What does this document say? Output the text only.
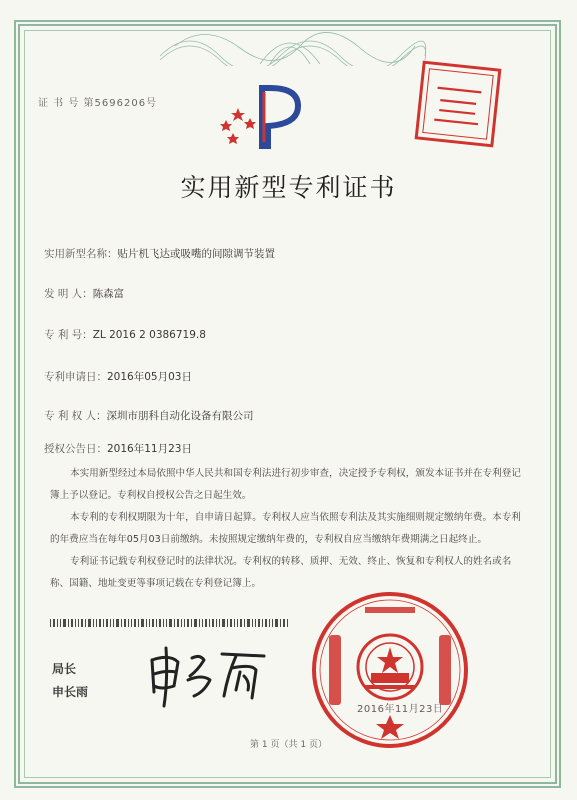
证 书 号 第5696206号
实用新型专利证书
实用新型名称：贴片机飞达或吸嘴的间隙调节装置
发 明 人：陈森富
专 利 号：ZL 2016 2 0386719.8
专利申请日：2016年05月03日
专 利 权 人：深圳市朋科自动化设备有限公司
授权公告日：2016年11月23日
本实用新型经过本局依照中华人民共和国专利法进行初步审查，决定授予专利权，颁发本证书并在专利登记簿上予以登记。专利权自授权公告之日起生效。
本专利的专利权期限为十年，自申请日起算。专利权人应当依照专利法及其实施细则规定缴纳年费。本专利的年费应当在每年05月03日前缴纳。未按照规定缴纳年费的，专利权自应当缴纳年费期满之日起终止。
专利证书记载专利权登记时的法律状况。专利权的转移、质押、无效、终止、恢复和专利权人的姓名或名称、国籍、地址变更等事项记载在专利登记簿上。
局长
申长雨
2016年11月23日
第 1 页（共 1 页）
